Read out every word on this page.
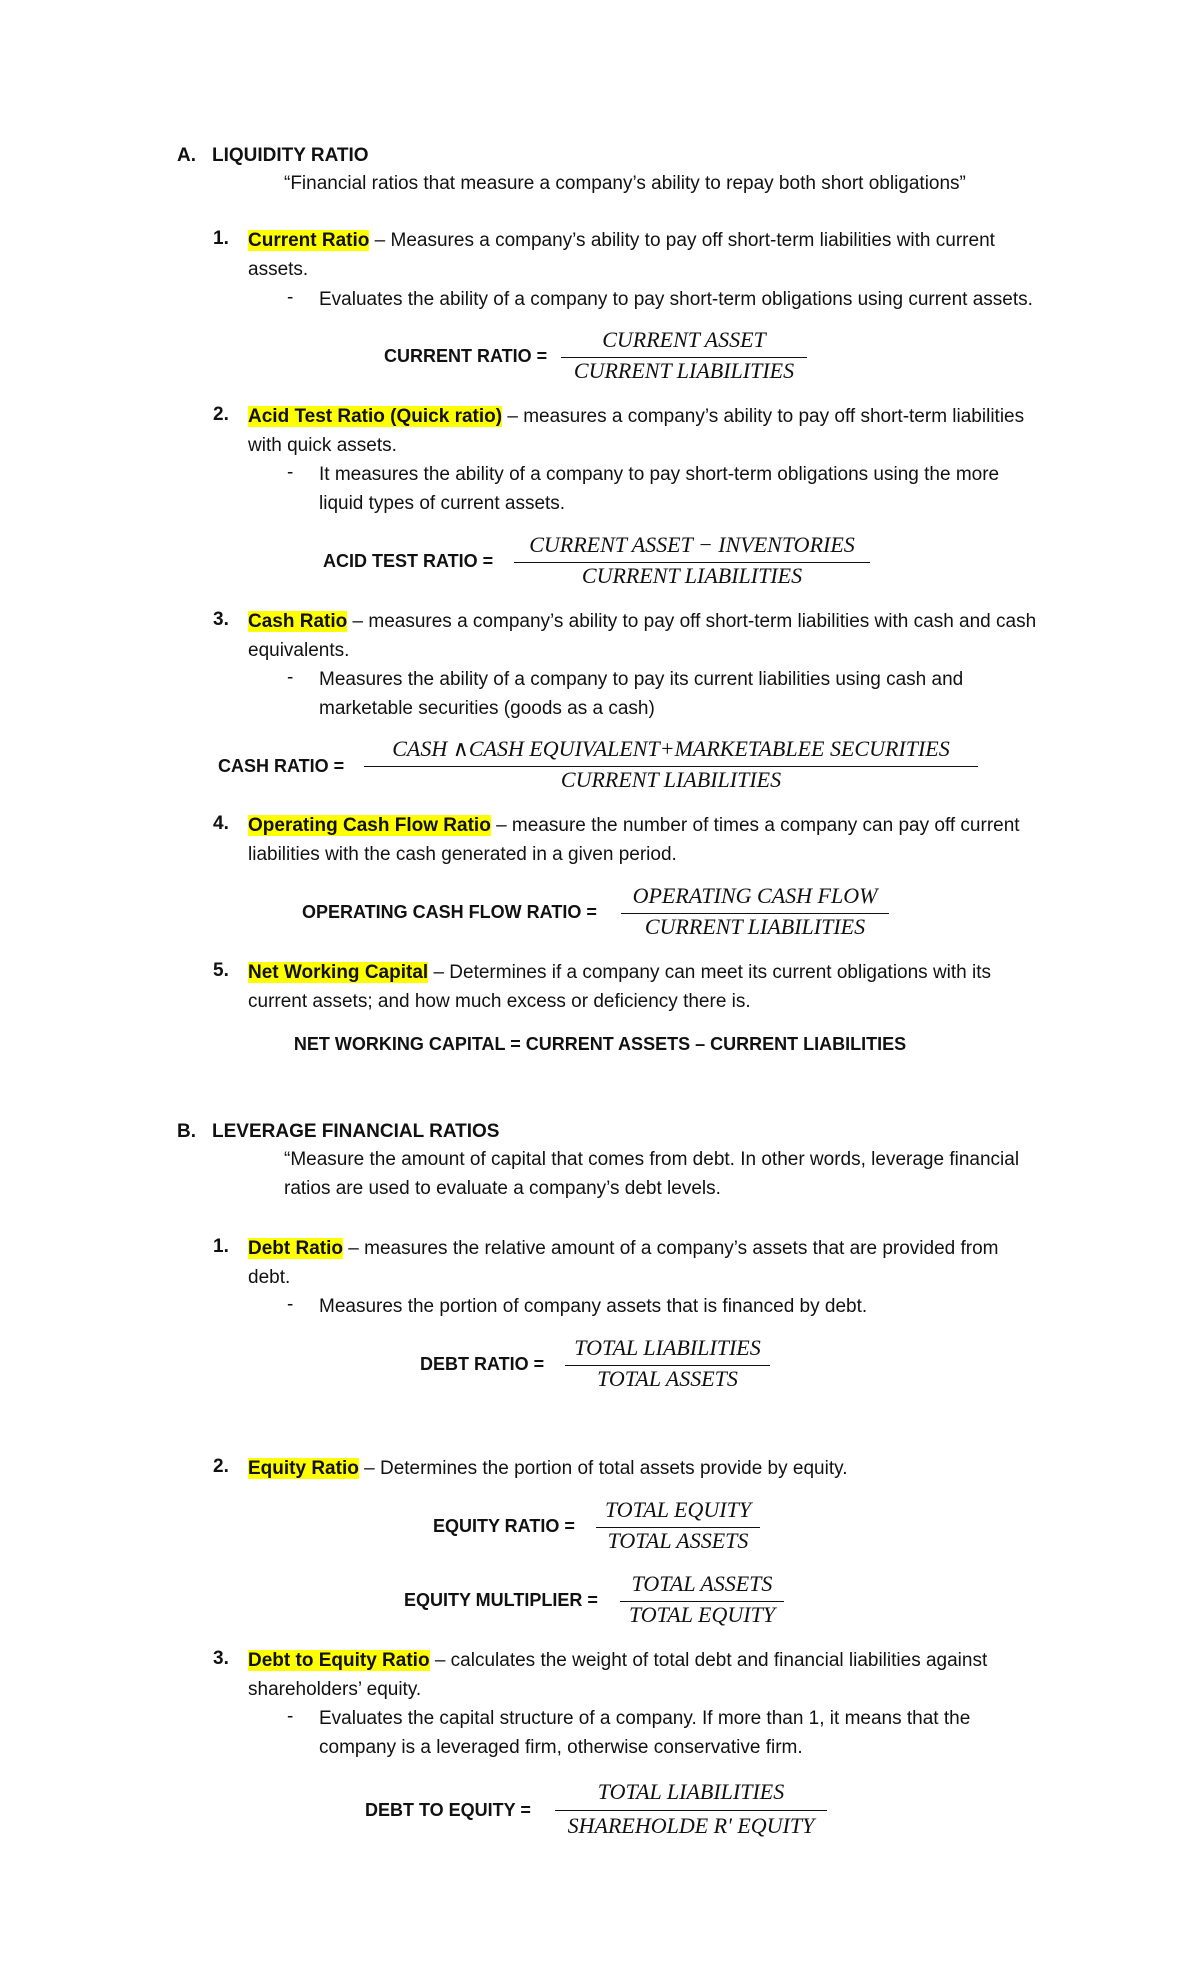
A. LIQUIDITY RATIO
“Financial ratios that measure a company’s ability to repay both short obligations”
1. Current Ratio – Measures a company’s ability to pay off short-term liabilities with current
assets.
- Evaluates the ability of a company to pay short-term obligations using current assets.
CURRENT RATIO =
CURRENT ASSET
CURRENT LIABILITIES
2. Acid Test Ratio (Quick ratio) – measures a company’s ability to pay off short-term liabilities
with quick assets.
- It measures the ability of a company to pay short-term obligations using the more
liquid types of current assets.
ACID TEST RATIO =
CURRENT ASSET − INVENTORIES
CURRENT LIABILITIES
3. Cash Ratio – measures a company’s ability to pay off short-term liabilities with cash and cash
equivalents.
- Measures the ability of a company to pay its current liabilities using cash and
marketable securities (goods as a cash)
CASH RATIO =
CASH ∧CASH EQUIVALENT+MARKETABLEE SECURITIES
CURRENT LIABILITIES
4. Operating Cash Flow Ratio – measure the number of times a company can pay off current
liabilities with the cash generated in a given period.
OPERATING CASH FLOW RATIO =
OPERATING CASH FLOW
CURRENT LIABILITIES
5. Net Working Capital – Determines if a company can meet its current obligations with its
current assets; and how much excess or deficiency there is.
NET WORKING CAPITAL = CURRENT ASSETS – CURRENT LIABILITIES
B. LEVERAGE FINANCIAL RATIOS
“Measure the amount of capital that comes from debt. In other words, leverage financial
ratios are used to evaluate a company’s debt levels.
1. Debt Ratio – measures the relative amount of a company’s assets that are provided from
debt.
- Measures the portion of company assets that is financed by debt.
DEBT RATIO =
TOTAL LIABILITIES
TOTAL ASSETS
2. Equity Ratio – Determines the portion of total assets provide by equity.
EQUITY RATIO =
TOTAL EQUITY
TOTAL ASSETS
EQUITY MULTIPLIER =
TOTAL ASSETS
TOTAL EQUITY
3. Debt to Equity Ratio – calculates the weight of total debt and financial liabilities against
shareholders’ equity.
- Evaluates the capital structure of a company. If more than 1, it means that the
company is a leveraged firm, otherwise conservative firm.
DEBT TO EQUITY =
TOTAL LIABILITIES
SHAREHOLDE R' EQUITY
